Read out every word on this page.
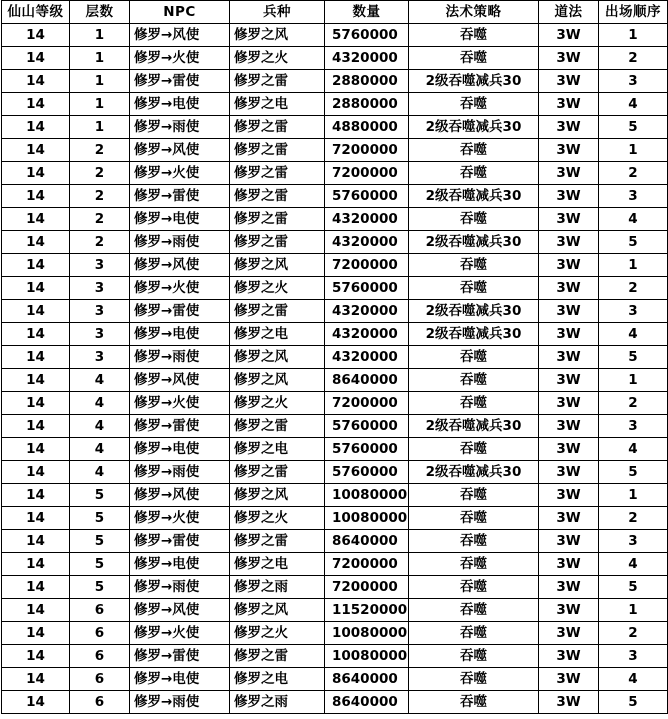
仙山等级	层数	NPC	兵种	数量	法术策略	道法	出场顺序
14	1	修罗→风使	修罗之风	5760000	吞噬	3W	1
14	1	修罗→火使	修罗之火	4320000	吞噬	3W	2
14	1	修罗→雷使	修罗之雷	2880000	2级吞噬减兵30	3W	3
14	1	修罗→电使	修罗之电	2880000	吞噬	3W	4
14	1	修罗→雨使	修罗之雷	4880000	2级吞噬减兵30	3W	5
14	2	修罗→风使	修罗之雷	7200000	吞噬	3W	1
14	2	修罗→火使	修罗之雷	7200000	吞噬	3W	2
14	2	修罗→雷使	修罗之雷	5760000	2级吞噬减兵30	3W	3
14	2	修罗→电使	修罗之雷	4320000	吞噬	3W	4
14	2	修罗→雨使	修罗之雷	4320000	2级吞噬减兵30	3W	5
14	3	修罗→风使	修罗之风	7200000	吞噬	3W	1
14	3	修罗→火使	修罗之火	5760000	吞噬	3W	2
14	3	修罗→雷使	修罗之雷	4320000	2级吞噬减兵30	3W	3
14	3	修罗→电使	修罗之电	4320000	2级吞噬减兵30	3W	4
14	3	修罗→雨使	修罗之风	4320000	吞噬	3W	5
14	4	修罗→风使	修罗之风	8640000	吞噬	3W	1
14	4	修罗→火使	修罗之火	7200000	吞噬	3W	2
14	4	修罗→雷使	修罗之雷	5760000	2级吞噬减兵30	3W	3
14	4	修罗→电使	修罗之电	5760000	吞噬	3W	4
14	4	修罗→雨使	修罗之雷	5760000	2级吞噬减兵30	3W	5
14	5	修罗→风使	修罗之风	10080000	吞噬	3W	1
14	5	修罗→火使	修罗之火	10080000	吞噬	3W	2
14	5	修罗→雷使	修罗之雷	8640000	吞噬	3W	3
14	5	修罗→电使	修罗之电	7200000	吞噬	3W	4
14	5	修罗→雨使	修罗之雨	7200000	吞噬	3W	5
14	6	修罗→风使	修罗之风	11520000	吞噬	3W	1
14	6	修罗→火使	修罗之火	10080000	吞噬	3W	2
14	6	修罗→雷使	修罗之雷	10080000	吞噬	3W	3
14	6	修罗→电使	修罗之电	8640000	吞噬	3W	4
14	6	修罗→雨使	修罗之雨	8640000	吞噬	3W	5
